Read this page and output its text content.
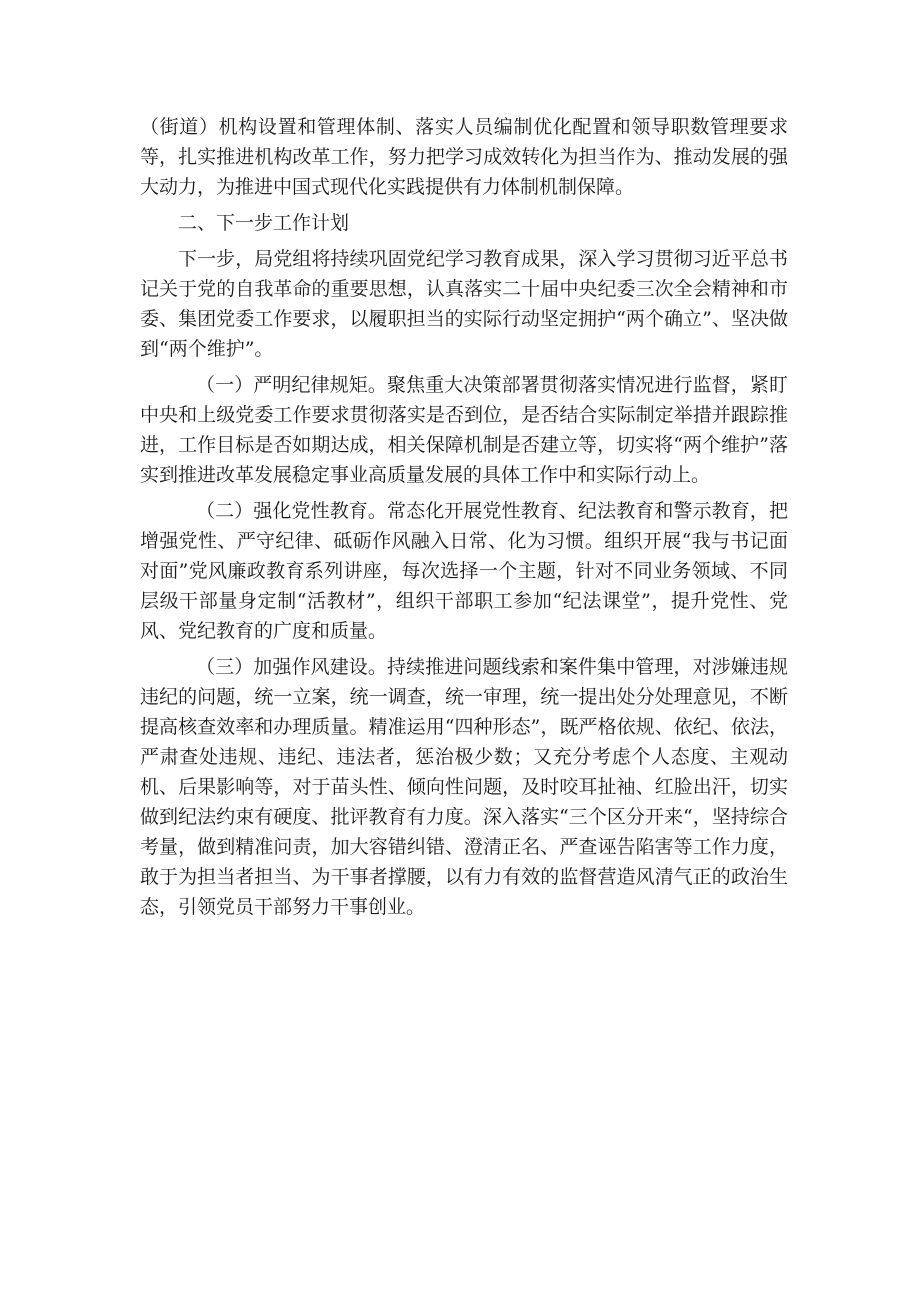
（街道）机构设置和管理体制、落实人员编制优化配置和领导职数管理要求等，扎实推进机构改革工作，努力把学习成效转化为担当作为、推动发展的强大动力，为推进中国式现代化实践提供有力体制机制保障。

二、下一步工作计划

下一步，局党组将持续巩固党纪学习教育成果，深入学习贯彻习近平总书记关于党的自我革命的重要思想，认真落实二十届中央纪委三次全会精神和市委、集团党委工作要求，以履职担当的实际行动坚定拥护“两个确立”、坚决做到“两个维护”。

（一）严明纪律规矩。聚焦重大决策部署贯彻落实情况进行监督，紧盯中央和上级党委工作要求贯彻落实是否到位，是否结合实际制定举措并跟踪推进，工作目标是否如期达成，相关保障机制是否建立等，切实将“两个维护”落实到推进改革发展稳定事业高质量发展的具体工作中和实际行动上。

（二）强化党性教育。常态化开展党性教育、纪法教育和警示教育，把增强党性、严守纪律、砥砺作风融入日常、化为习惯。组织开展“我与书记面对面”党风廉政教育系列讲座，每次选择一个主题，针对不同业务领域、不同层级干部量身定制“活教材”，组织干部职工参加“纪法课堂”，提升党性、党风、党纪教育的广度和质量。

（三）加强作风建设。持续推进问题线索和案件集中管理，对涉嫌违规违纪的问题，统一立案，统一调查，统一审理，统一提出处分处理意见，不断提高核查效率和办理质量。精准运用“四种形态”，既严格依规、依纪、依法，严肃查处违规、违纪、违法者，惩治极少数；又充分考虑个人态度、主观动机、后果影响等，对于苗头性、倾向性问题，及时咬耳扯袖、红脸出汗，切实做到纪法约束有硬度、批评教育有力度。深入落实“三个区分开来“，坚持综合考量，做到精准问责，加大容错纠错、澄清正名、严查诬告陷害等工作力度，敢于为担当者担当、为干事者撑腰，以有力有效的监督营造风清气正的政治生态，引领党员干部努力干事创业。
